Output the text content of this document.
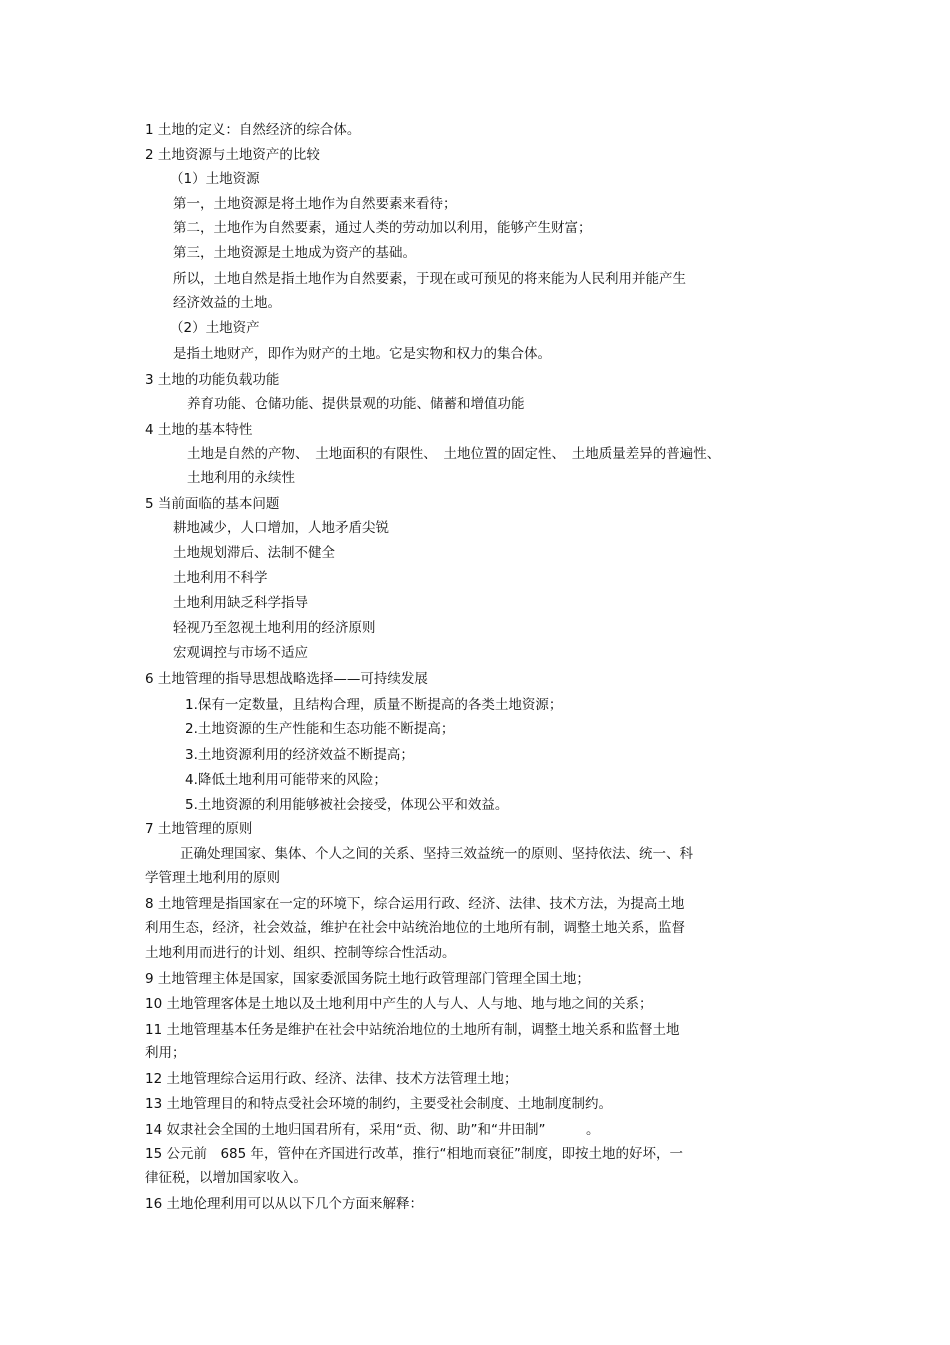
1 土地的定义：自然经济的综合体。
2 土地资源与土地资产的比较
（1）土地资源
第一，土地资源是将土地作为自然要素来看待；
第二，土地作为自然要素，通过人类的劳动加以利用，能够产生财富；
第三，土地资源是土地成为资产的基础。
所以，土地自然是指土地作为自然要素，于现在或可预见的将来能为人民利用并能产生
经济效益的土地。
（2）土地资产
是指土地财产，即作为财产的土地。它是实物和权力的集合体。
3 土地的功能负载功能
养育功能、仓储功能、提供景观的功能、储蓄和增值功能
4 土地的基本特性
土地是自然的产物、　土地面积的有限性、　土地位置的固定性、　土地质量差异的普遍性、
土地利用的永续性
5 当前面临的基本问题
耕地减少，人口增加，人地矛盾尖锐
土地规划滞后、法制不健全
土地利用不科学
土地利用缺乏科学指导
轻视乃至忽视土地利用的经济原则
宏观调控与市场不适应
6 土地管理的指导思想战略选择——可持续发展
1.保有一定数量，且结构合理，质量不断提高的各类土地资源；
2.土地资源的生产性能和生态功能不断提高；
3.土地资源利用的经济效益不断提高；
4.降低土地利用可能带来的风险；
5.土地资源的利用能够被社会接受，体现公平和效益。
7 土地管理的原则
正确处理国家、集体、个人之间的关系、坚持三效益统一的原则、坚持依法、统一、科
学管理土地利用的原则
8 土地管理是指国家在一定的环境下，综合运用行政、经济、法律、技术方法，为提高土地
利用生态，经济，社会效益，维护在社会中站统治地位的土地所有制，调整土地关系，监督
土地利用而进行的计划、组织、控制等综合性活动。
9 土地管理主体是国家，国家委派国务院土地行政管理部门管理全国土地；
10 土地管理客体是土地以及土地利用中产生的人与人、人与地、地与地之间的关系；
11 土地管理基本任务是维护在社会中站统治地位的土地所有制，调整土地关系和监督土地
利用；
12 土地管理综合运用行政、经济、法律、技术方法管理土地；
13 土地管理目的和特点受社会环境的制约，主要受社会制度、土地制度制约。
14 奴隶社会全国的土地归国君所有，采用“贡、彻、助”和“井田制”　　　。
15 公元前　685 年，管仲在齐国进行改革，推行“相地而衰征”制度，即按土地的好坏，一
律征税，以增加国家收入。
16 土地伦理利用可以从以下几个方面来解释：
